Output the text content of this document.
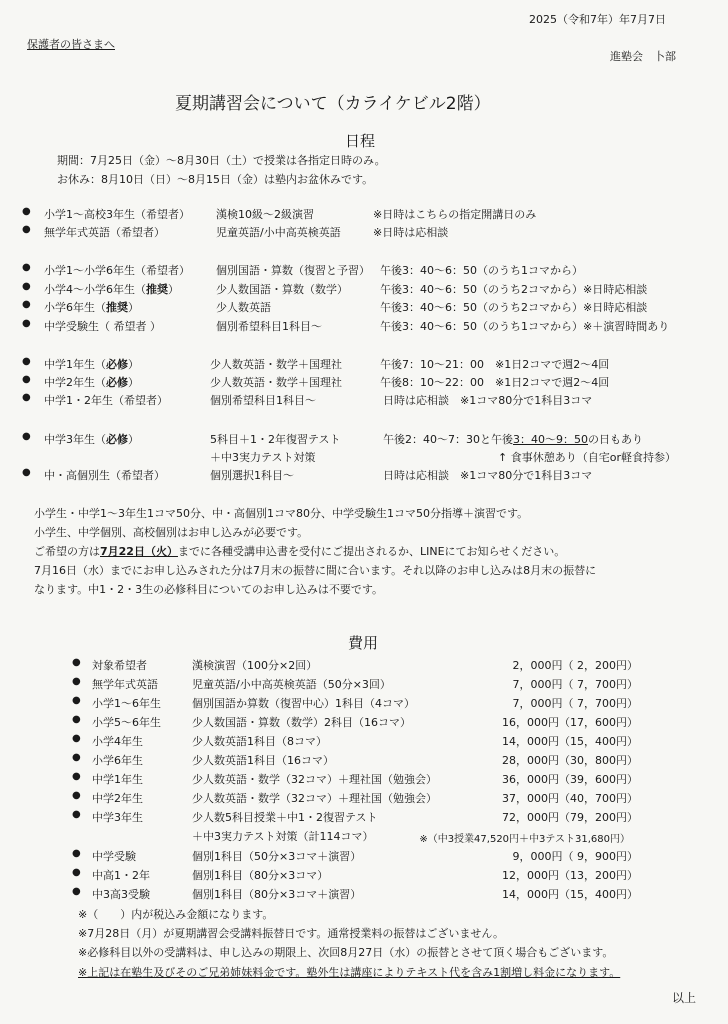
2025（令和7年）年7月7日
保護者の皆さまへ
進塾会　卜部
夏期講習会について（カライケビル2階）
日程
期間：7月25日（金）～8月30日（土）で授業は各指定日時のみ。
お休み：8月10日（日）～8月15日（金）は塾内お盆休みです。
● 小学1～高校3年生（希望者） 漢検10級～2級演習	※日時はこちらの指定開講日のみ
● 無学年式英語（希望者）	児童英語/小中高英検英語	※日時は応相談
● 小学1～小学6年生（希望者） 個別国語・算数（復習と予習） 午後3：40～6：50（のうち1コマから）
● 小学4～小学6年生（推奨）	少人数国語・算数（数学）	午後3：40～6：50（のうち2コマから）※日時応相談
● 小学6年生（推奨）	少人数英語	午後3：40～6：50（のうち2コマから）※日時応相談
● 中学受験生（ 希望者 ）	個別希望科目1科目～	午後3：40～6：50（のうち1コマから）※＋演習時間あり
● 中学1年生（必修）	少人数英語・数学＋国理社	午後7：10～21：00　※1日2コマで週2～4回
● 中学2年生（必修）	少人数英語・数学＋国理社	午後8：10～22：00　※1日2コマで週2～4回
● 中学1・2年生（希望者）	個別希望科目1科目～	日時は応相談　※1コマ80分で1科目3コマ
● 中学3年生（必修）	5科目＋1・2年復習テスト	午後2：40～7：30と午後3：40～9：50の日もあり
＋中3実力テスト対策	↑ 食事休憩あり（自宅or軽食持参）
● 中・高個別生（希望者）	個別選択1科目～	日時は応相談　※1コマ80分で1科目3コマ
小学生・中学1～3年生1コマ50分、中・高個別1コマ80分、中学受験生1コマ50分指導＋演習です。
小学生、中学個別、高校個別はお申し込みが必要です。
ご希望の方は7月22日（火）までに各種受講申込書を受付にご提出されるか、LINEにてお知らせください。
7月16日（水）までにお申し込みされた分は7月末の振替に間に合います。それ以降のお申し込みは8月末の振替に
なります。中1・2・3生の必修科目についてのお申し込みは不要です。
費用
● 対象希望者	漢検演習（100分×2回）	2，000円（ 2，200円）
● 無学年式英語	児童英語/小中高英検英語（50分×3回）	7，000円（ 7，700円）
● 小学1～6年生	個別国語か算数（復習中心）1科目（4コマ）	7，000円（ 7，700円）
● 小学5～6年生	少人数国語・算数（数学）2科目（16コマ）	16，000円（17，600円）
● 小学4年生	少人数英語1科目（8コマ）	14，000円（15，400円）
● 小学6年生	少人数英語1科目（16コマ）	28，000円（30，800円）
● 中学1年生	少人数英語・数学（32コマ）＋理社国（勉強会）	36，000円（39，600円）
● 中学2年生	少人数英語・数学（32コマ）＋理社国（勉強会）	37，000円（40，700円）
● 中学3年生	少人数5科目授業＋中1・2復習テスト	72，000円（79，200円）
＋中3実力テスト対策（計114コマ）	※（中3授業47,520円＋中3テスト31,680円）
● 中学受験	個別1科目（50分×3コマ＋演習）	9，000円（ 9，900円）
● 中高1・2年	個別1科目（80分×3コマ）	12，000円（13，200円）
● 中3高3受験	個別1科目（80分×3コマ＋演習）	14，000円（15，400円）
※（　　）内が税込み金額になります。
※7月28日（月）が夏期講習会受講料振替日です。通常授業料の振替はございません。
※必修科目以外の受講料は、申し込みの期限上、次回8月27日（水）の振替とさせて頂く場合もございます。
※上記は在塾生及びそのご兄弟姉妹料金です。塾外生は講座によりテキスト代を含み1割増し料金になります。
以上
